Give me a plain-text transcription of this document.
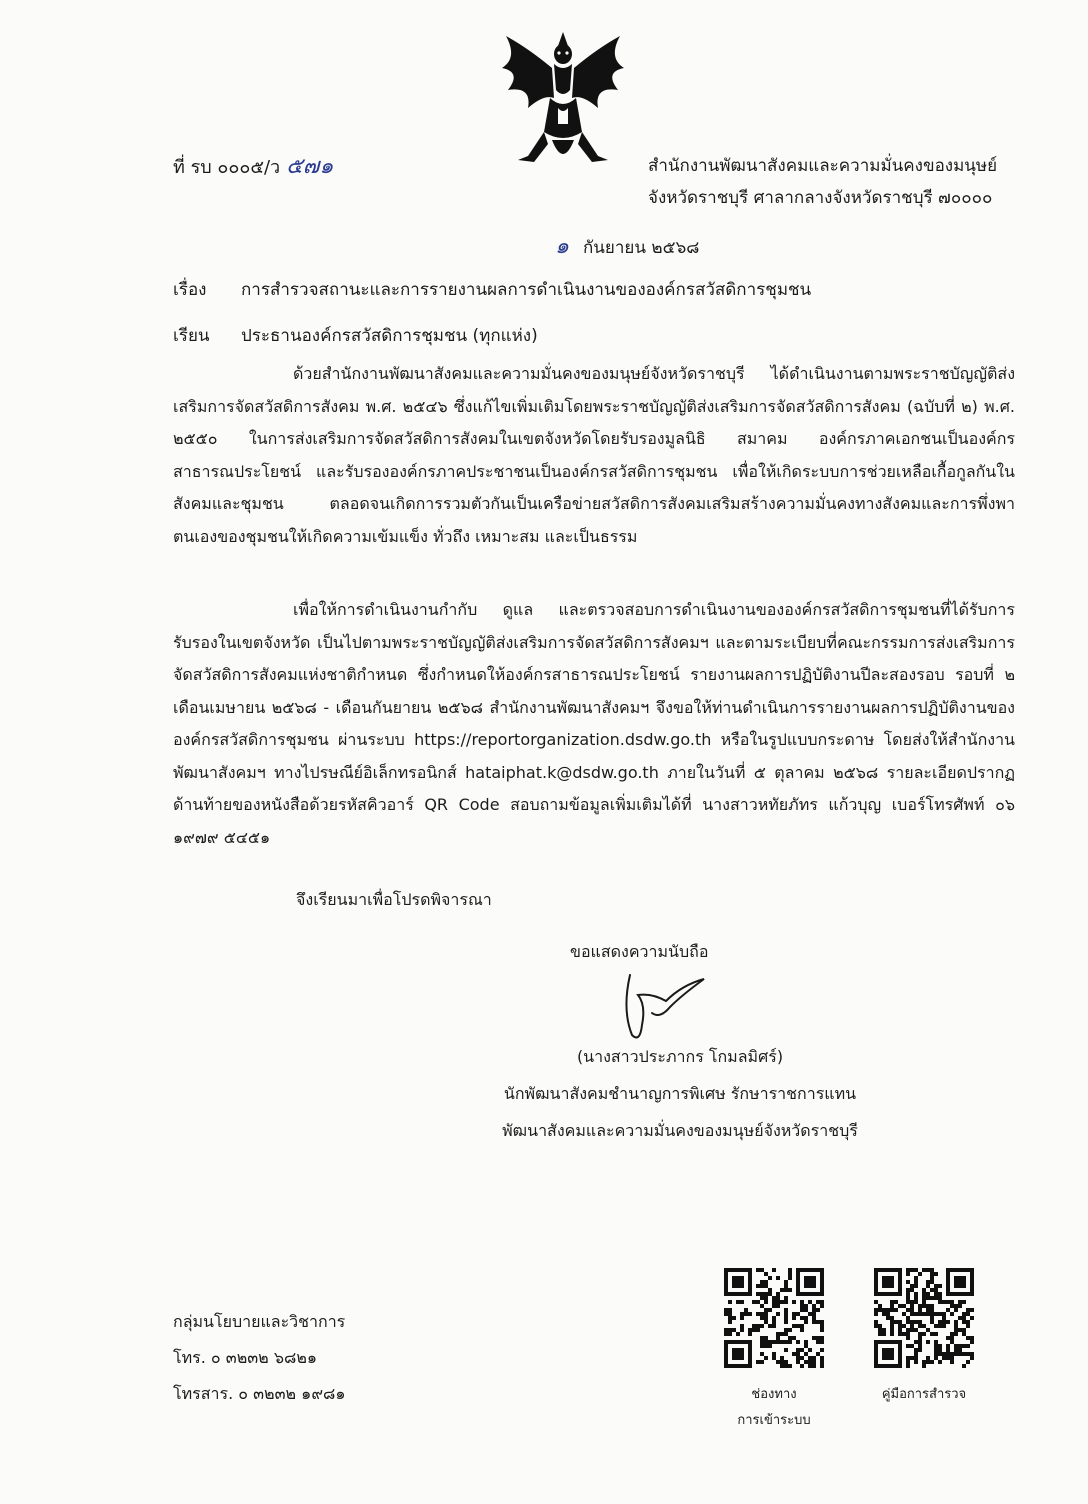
ที่ รบ ๐๐๐๕/ว ๕๗๑	สำนักงานพัฒนาสังคมและความมั่นคงของมนุษย์
จังหวัดราชบุรี ศาลากลางจังหวัดราชบุรี ๗๐๐๐๐
๑ กันยายน ๒๕๖๘
เรื่อง การสำรวจสถานะและการรายงานผลการดำเนินงานขององค์กรสวัสดิการชุมชน
เรียน ประธานองค์กรสวัสดิการชุมชน (ทุกแห่ง)
ด้วยสำนักงานพัฒนาสังคมและความมั่นคงของมนุษย์จังหวัดราชบุรี ได้ดำเนินงานตามพระราชบัญญัติส่งเสริมการจัดสวัสดิการสังคม พ.ศ. ๒๕๔๖ ซึ่งแก้ไขเพิ่มเติมโดยพระราชบัญญัติส่งเสริมการจัดสวัสดิการสังคม (ฉบับที่ ๒) พ.ศ. ๒๕๕๐ ในการส่งเสริมการจัดสวัสดิการสังคมในเขตจังหวัดโดยรับรองมูลนิธิ สมาคม องค์กรภาคเอกชนเป็นองค์กรสาธารณประโยชน์ และรับรององค์กรภาคประชาชนเป็นองค์กรสวัสดิการชุมชน เพื่อให้เกิดระบบการช่วยเหลือเกื้อกูลกันในสังคมและชุมชน ตลอดจนเกิดการรวมตัวกันเป็นเครือข่ายสวัสดิการสังคมเสริมสร้างความมั่นคงทางสังคมและการพึ่งพาตนเองของชุมชนให้เกิดความเข้มแข็ง ทั่วถึง เหมาะสม และเป็นธรรม
เพื่อให้การดำเนินงานกำกับ ดูแล และตรวจสอบการดำเนินงานขององค์กรสวัสดิการชุมชนที่ได้รับการรับรองในเขตจังหวัด เป็นไปตามพระราชบัญญัติส่งเสริมการจัดสวัสดิการสังคมฯ และตามระเบียบที่คณะกรรมการส่งเสริมการจัดสวัสดิการสังคมแห่งชาติกำหนด ซึ่งกำหนดให้องค์กรสาธารณประโยชน์ รายงานผลการปฏิบัติงานปีละสองรอบ รอบที่ ๒ เดือนเมษายน ๒๕๖๘ - เดือนกันยายน ๒๕๖๘ สำนักงานพัฒนาสังคมฯ จึงขอให้ท่านดำเนินการรายงานผลการปฏิบัติงานขององค์กรสวัสดิการชุมชน ผ่านระบบ https://reportorganization.dsdw.go.th หรือในรูปแบบกระดาษ โดยส่งให้สำนักงานพัฒนาสังคมฯ ทางไปรษณีย์อิเล็กทรอนิกส์ hataiphat.k@dsdw.go.th ภายในวันที่ ๕ ตุลาคม ๒๕๖๘ รายละเอียดปรากฏ ด้านท้ายของหนังสือด้วยรหัสคิวอาร์ QR Code สอบถามข้อมูลเพิ่มเติมได้ที่ นางสาวหทัยภัทร แก้วบุญ เบอร์โทรศัพท์ ๐๖ ๑๙๗๙ ๕๔๕๑
จึงเรียนมาเพื่อโปรดพิจารณา
ขอแสดงความนับถือ
(นางสาวประภากร โกมลมิศร์)
นักพัฒนาสังคมชำนาญการพิเศษ รักษาราชการแทน
พัฒนาสังคมและความมั่นคงของมนุษย์จังหวัดราชบุรี
กลุ่มนโยบายและวิชาการ
โทร. ๐ ๓๒๓๒ ๖๘๒๑
โทรสาร. ๐ ๓๒๓๒ ๑๙๘๑	ช่องทาง
การเข้าระบบ
คู่มือการสำรวจ
